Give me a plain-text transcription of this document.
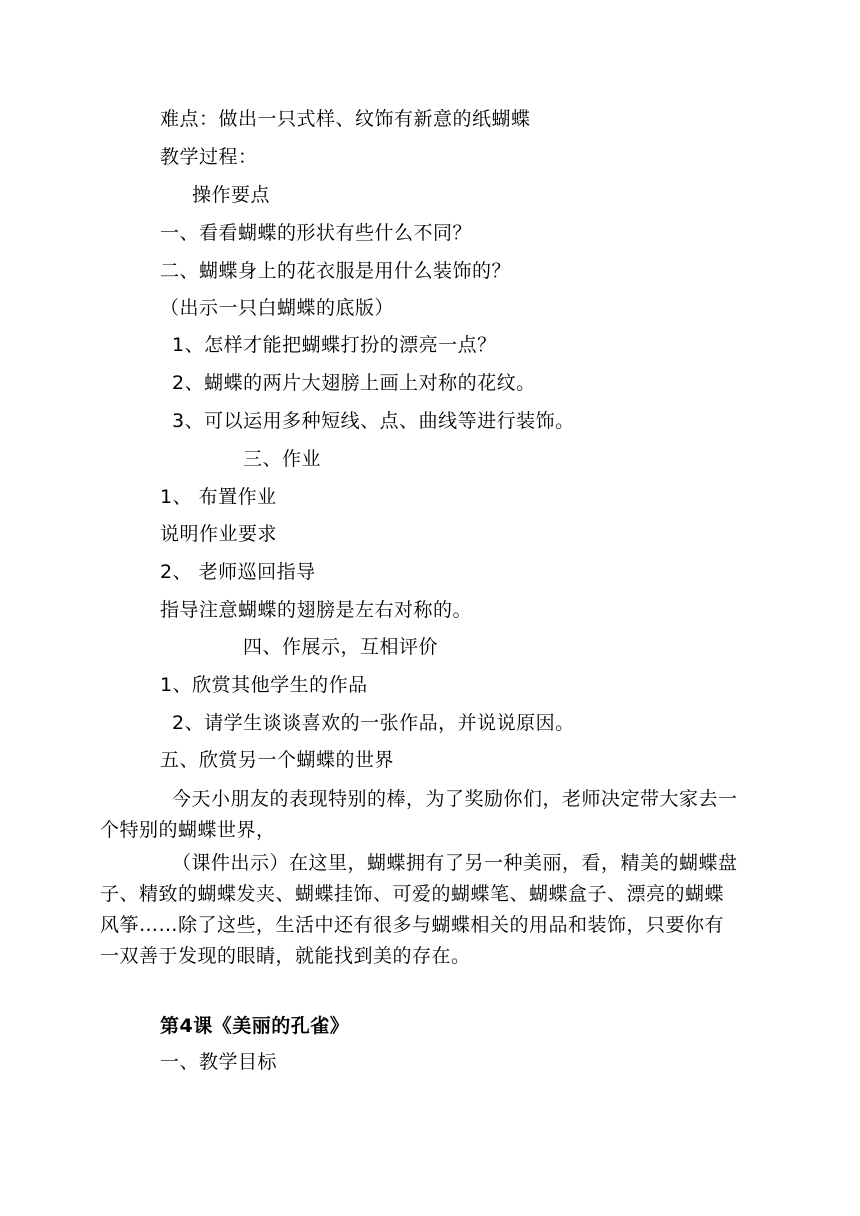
难点：做出一只式样、纹饰有新意的纸蝴蝶
教学过程：
操作要点
一、看看蝴蝶的形状有些什么不同？
二、蝴蝶身上的花衣服是用什么装饰的？
（出示一只白蝴蝶的底版）
1、怎样才能把蝴蝶打扮的漂亮一点？
2、蝴蝶的两片大翅膀上画上对称的花纹。
3、可以运用多种短线、点、曲线等进行装饰。
三、作业
1、 布置作业
说明作业要求
2、 老师巡回指导
指导注意蝴蝶的翅膀是左右对称的。
四、作展示，互相评价
1、欣赏其他学生的作品
2、请学生谈谈喜欢的一张作品，并说说原因。
五、欣赏另一个蝴蝶的世界
今天小朋友的表现特别的棒，为了奖励你们，老师决定带大家去一个特别的蝴蝶世界，
（课件出示）在这里，蝴蝶拥有了另一种美丽，看，精美的蝴蝶盘子、精致的蝴蝶发夹、蝴蝶挂饰、可爱的蝴蝶笔、蝴蝶盒子、漂亮的蝴蝶风筝……除了这些，生活中还有很多与蝴蝶相关的用品和装饰，只要你有一双善于发现的眼睛，就能找到美的存在。
第4课《美丽的孔雀》
一、教学目标
